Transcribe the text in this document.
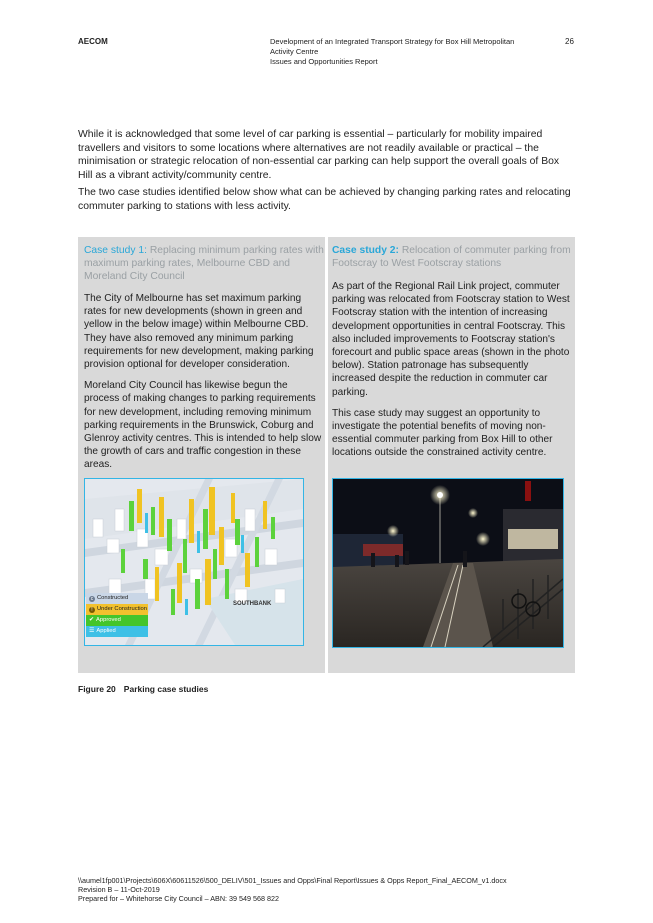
AECOM	Development of an Integrated Transport Strategy for Box Hill Metropolitan
Activity Centre
Issues and Opportunities Report
26

While it is acknowledged that some level of car parking is essential – particularly for mobility impaired travellers and visitors to some locations where alternatives are not readily available or practical – the minimisation or strategic relocation of non-essential car parking can help support the overall goals of Box Hill as a vibrant activity/community centre.

The two case studies identified below show what can be achieved by changing parking rates and relocating commuter parking to stations with less activity.

Case study 1: Replacing minimum parking rates with maximum parking rates, Melbourne CBD and Moreland City Council

The City of Melbourne has set maximum parking rates for new developments (shown in green and yellow in the below image) within Melbourne CBD. They have also removed any minimum parking requirements for new development, making parking provision optional for developer consideration.

Moreland City Council has likewise begun the process of making changes to parking requirements for new development, including removing minimum parking requirements in the Brunswick, Coburg and Glenroy activity centres. This is intended to help slow the growth of cars and traffic congestion in these areas.

Case study 2: Relocation of commuter parking from Footscray to West Footscray stations

As part of the Regional Rail Link project, commuter parking was relocated from Footscray station to West Footscray station with the intention of increasing development opportunities in central Footscray. This also included improvements to Footscray station's forecourt and public space areas (shown in the photo below). Station patronage has subsequently increased despite the reduction in commuter car parking.

This case study may suggest an opportunity to investigate the potential benefits of moving non-essential commuter parking from Box Hill to other locations outside the constrained activity centre.

SOUTHBANK
c Constructed
! Under Construction
✔ Approved
☰ Applied
Figure 20 Parking case studies
\\aumel1fp001\Projects\606X\60611526\500_DELIV\501_Issues and Opps\Final Report\Issues & Opps Report_Final_AECOM_v1.docx
Revision B – 11-Oct-2019
Prepared for – Whitehorse City Council – ABN: 39 549 568 822
